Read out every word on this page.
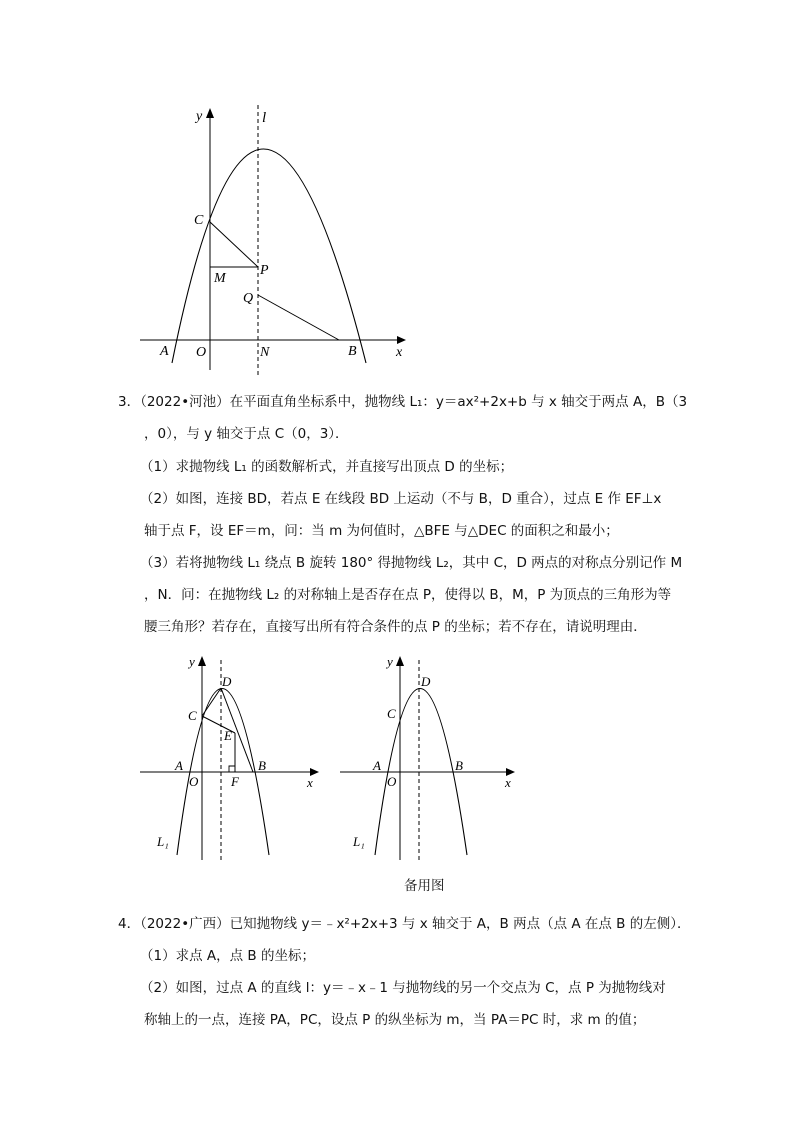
y	l
C
M
P
Q
A O	N	B	x
3．（2022•河池）在平面直角坐标系中，抛物线 L₁：y＝ax²+2x+b 与 x 轴交于两点 A，B（3
，0），与 y 轴交于点 C（0，3）．
（1）求抛物线 L₁ 的函数解析式，并直接写出顶点 D 的坐标；
（2）如图，连接 BD，若点 E 在线段 BD 上运动（不与 B，D 重合），过点 E 作 EF⊥x
轴于点 F，设 EF＝m，问：当 m 为何值时，△BFE 与△DEC 的面积之和最小；
（3）若将抛物线 L₁ 绕点 B 旋转 180° 得抛物线 L₂，其中 C，D 两点的对称点分别记作 M
，N．问：在抛物线 L₂ 的对称轴上是否存在点 P，使得以 B，M，P 为顶点的三角形为等
腰三角形？若存在，直接写出所有符合条件的点 P 的坐标；若不存在，请说明理由．
y
D
C
E
A
O	F
B
x
L₁
y
D
C
A
O
B
x
L₁
备用图
4．（2022•广西）已知抛物线 y＝﹣x²+2x+3 与 x 轴交于 A，B 两点（点 A 在点 B 的左侧）．
（1）求点 A，点 B 的坐标；
（2）如图，过点 A 的直线 l：y＝﹣x﹣1 与抛物线的另一个交点为 C，点 P 为抛物线对
称轴上的一点，连接 PA，PC，设点 P 的纵坐标为 m，当 PA＝PC 时，求 m 的值；
